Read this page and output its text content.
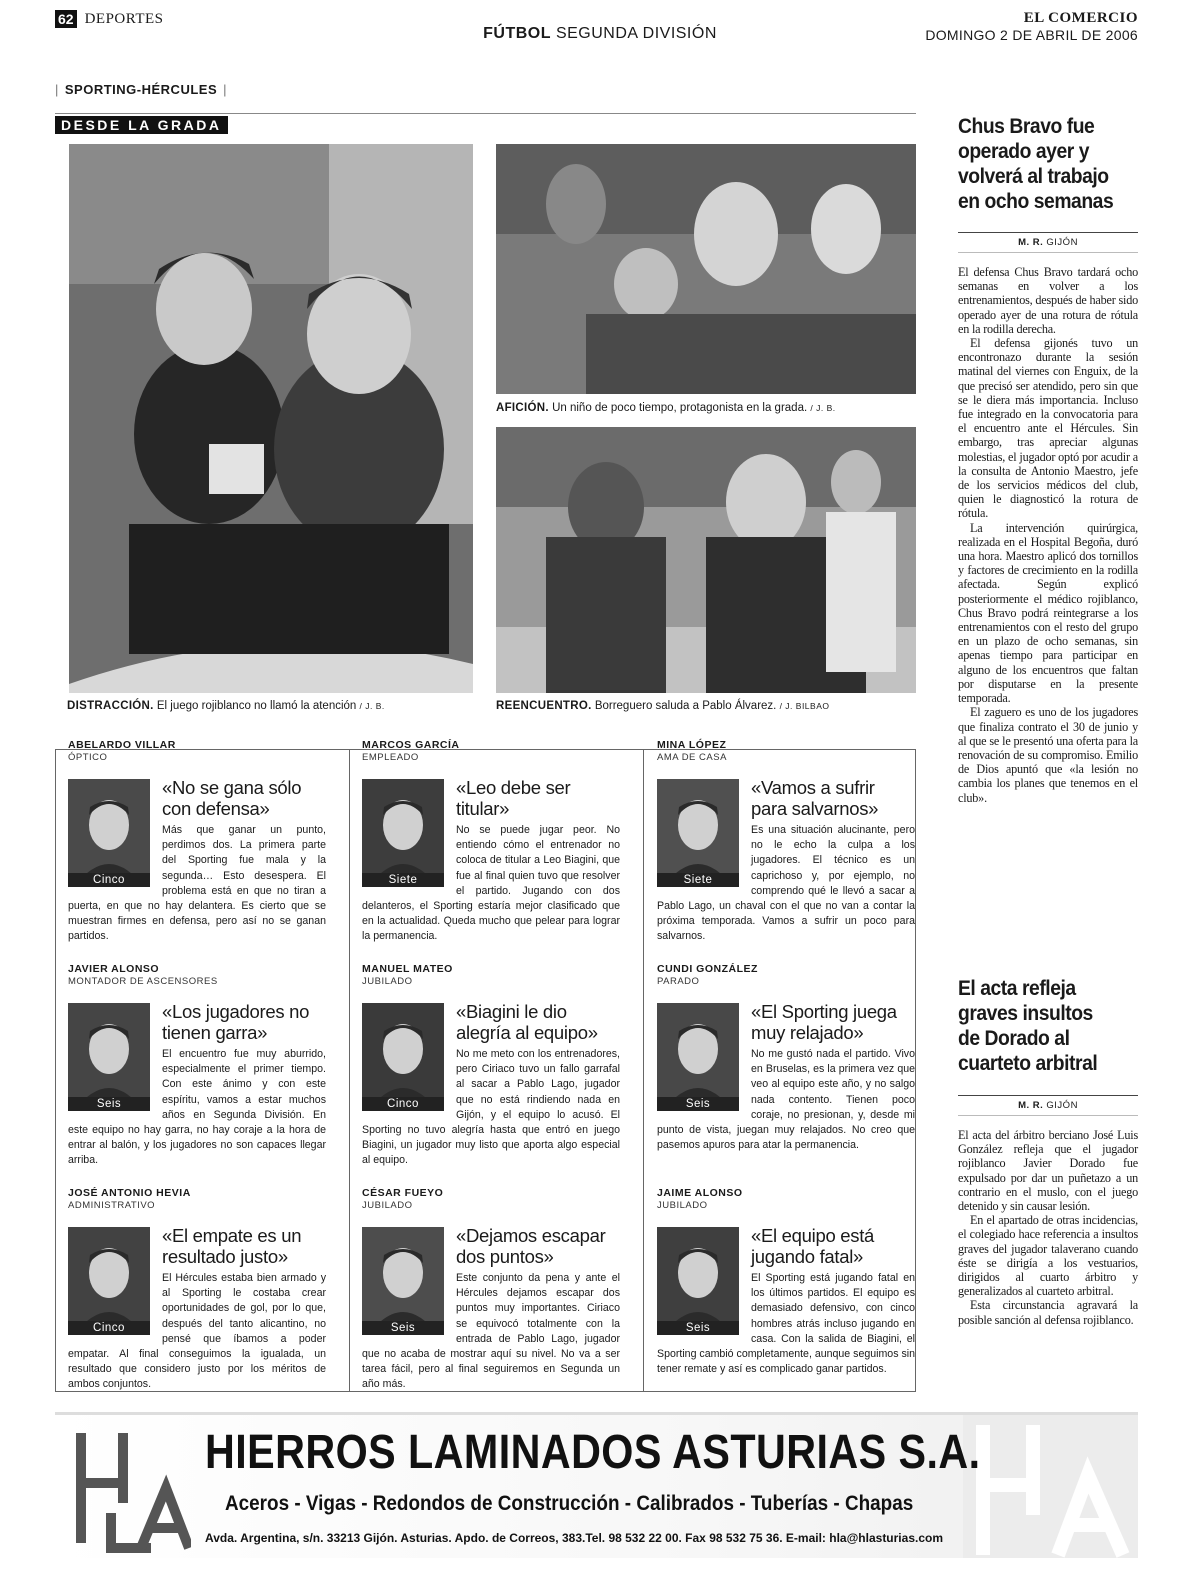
62 DEPORTES
FÚTBOL SEGUNDA DIVISIÓN
EL COMERCIO
DOMINGO 2 DE ABRIL DE 2006
| SPORTING-HÉRCULES |
DESDE LA GRADA
DISTRACCIÓN. El juego rojiblanco no llamó la atención / J. B.
AFICIÓN. Un niño de poco tiempo, protagonista en la grada. / J. B.
REENCUENTRO. Borreguero saluda a Pablo Álvarez. / J. BILBAO
ABELARDO VILLAR
ÓPTICO
Cinco
«No se gana sólo con defensa»
Más que ganar un punto, perdimos dos. La primera parte del Sporting fue mala y la segunda… Esto desespera. El problema está en que no tiran a puerta, en que no hay delantera. Es cierto que se muestran firmes en defensa, pero así no se ganan partidos.
MARCOS GARCÍA
EMPLEADO
Siete
«Leo debe ser titular»
No se puede jugar peor. No entiendo cómo el entrenador no coloca de titular a Leo Biagini, que fue al final quien tuvo que resolver el partido. Jugando con dos delanteros, el Sporting estaría mejor clasificado que en la actualidad. Queda mucho que pelear para lograr la permanencia.
MINA LÓPEZ
AMA DE CASA
Siete
«Vamos a sufrir para salvarnos»
Es una situación alucinante, pero no le echo la culpa a los jugadores. El técnico es un caprichoso y, por ejemplo, no comprendo qué le llevó a sacar a Pablo Lago, un chaval con el que no van a contar la próxima temporada. Vamos a sufrir un poco para salvarnos.
JAVIER ALONSO
MONTADOR DE ASCENSORES
Seis
«Los jugadores no tienen garra»
El encuentro fue muy aburrido, especialmente el primer tiempo. Con este ánimo y con este espíritu, vamos a estar muchos años en Segunda División. En este equipo no hay garra, no hay coraje a la hora de entrar al balón, y los jugadores no son capaces llegar arriba.
MANUEL MATEO
JUBILADO
Cinco
«Biagini le dio alegría al equipo»
No me meto con los entrenadores, pero Ciriaco tuvo un fallo garrafal al sacar a Pablo Lago, jugador que no está rindiendo nada en Gijón, y el equipo lo acusó. El Sporting no tuvo alegría hasta que entró en juego Biagini, un jugador muy listo que aporta algo especial al equipo.
CUNDI GONZÁLEZ
PARADO
Seis
«El Sporting juega muy relajado»
No me gustó nada el partido. Vivo en Bruselas, es la primera vez que veo al equipo este año, y no salgo nada contento. Tienen poco coraje, no presionan, y, desde mi punto de vista, juegan muy relajados. No creo que pasemos apuros para atar la permanencia.
JOSÉ ANTONIO HEVIA
ADMINISTRATIVO
Cinco
«El empate es un resultado justo»
El Hércules estaba bien armado y al Sporting le costaba crear oportunidades de gol, por lo que, después del tanto alicantino, no pensé que íbamos a poder empatar. Al final conseguimos la igualada, un resultado que considero justo por los méritos de ambos conjuntos.
CÉSAR FUEYO
JUBILADO
Seis
«Dejamos escapar dos puntos»
Este conjunto da pena y ante el Hércules dejamos escapar dos puntos muy importantes. Ciriaco se equivocó totalmente con la entrada de Pablo Lago, jugador que no acaba de mostrar aquí su nivel. No va a ser tarea fácil, pero al final seguiremos en Segunda un año más.
JAIME ALONSO
JUBILADO
Seis
«El equipo está jugando fatal»
El Sporting está jugando fatal en los últimos partidos. El equipo es demasiado defensivo, con cinco hombres atrás incluso jugando en casa. Con la salida de Biagini, el Sporting cambió completamente, aunque seguimos sin tener remate y así es complicado ganar partidos.
Chus Bravo fue
operado ayer y
volverá al trabajo
en ocho semanas
M. R. GIJÓN

El defensa Chus Bravo tardará ocho semanas en volver a los entrenamientos, después de haber sido operado ayer de una rotura de rótula en la rodilla derecha.

El defensa gijonés tuvo un encontronazo durante la sesión matinal del viernes con Enguix, de la que precisó ser atendido, pero sin que se le diera más importancia. Incluso fue integrado en la convocatoria para el encuentro ante el Hércules. Sin embargo, tras apreciar algunas molestias, el jugador optó por acudir a la consulta de Antonio Maestro, jefe de los servicios médicos del club, quien le diagnosticó la rotura de rótula.

La intervención quirúrgica, realizada en el Hospital Begoña, duró una hora. Maestro aplicó dos tornillos y factores de crecimiento en la rodilla afectada. Según explicó posteriormente el médico rojiblanco, Chus Bravo podrá reintegrarse a los entrenamientos con el resto del grupo en un plazo de ocho semanas, sin apenas tiempo para participar en alguno de los encuentros que faltan por disputarse en la presente temporada.

El zaguero es uno de los jugadores que finaliza contrato el 30 de junio y al que se le presentó una oferta para la renovación de su compromiso. Emilio de Dios apuntó que «la lesión no cambia los planes que tenemos en el club».

El acta refleja
graves insultos
de Dorado al
cuarteto arbitral
M. R. GIJÓN

El acta del árbitro berciano José Luis González refleja que el jugador rojiblanco Javier Dorado fue expulsado por dar un puñetazo a un contrario en el muslo, con el juego detenido y sin causar lesión.

En el apartado de otras incidencias, el colegiado hace referencia a insultos graves del jugador talaverano cuando éste se dirigía a los vestuarios, dirigidos al cuarto árbitro y generalizados al cuarteto arbitral.

Esta circunstancia agravará la posible sanción al defensa rojiblanco.

HIERROS LAMINADOS ASTURIAS S.A.
Aceros - Vigas - Redondos de Construcción - Calibrados - Tuberías - Chapas
Avda. Argentina, s/n. 33213 Gijón. Asturias. Apdo. de Correos, 383.Tel. 98 532 22 00. Fax 98 532 75 36. E-mail: hla@hlasturias.com
